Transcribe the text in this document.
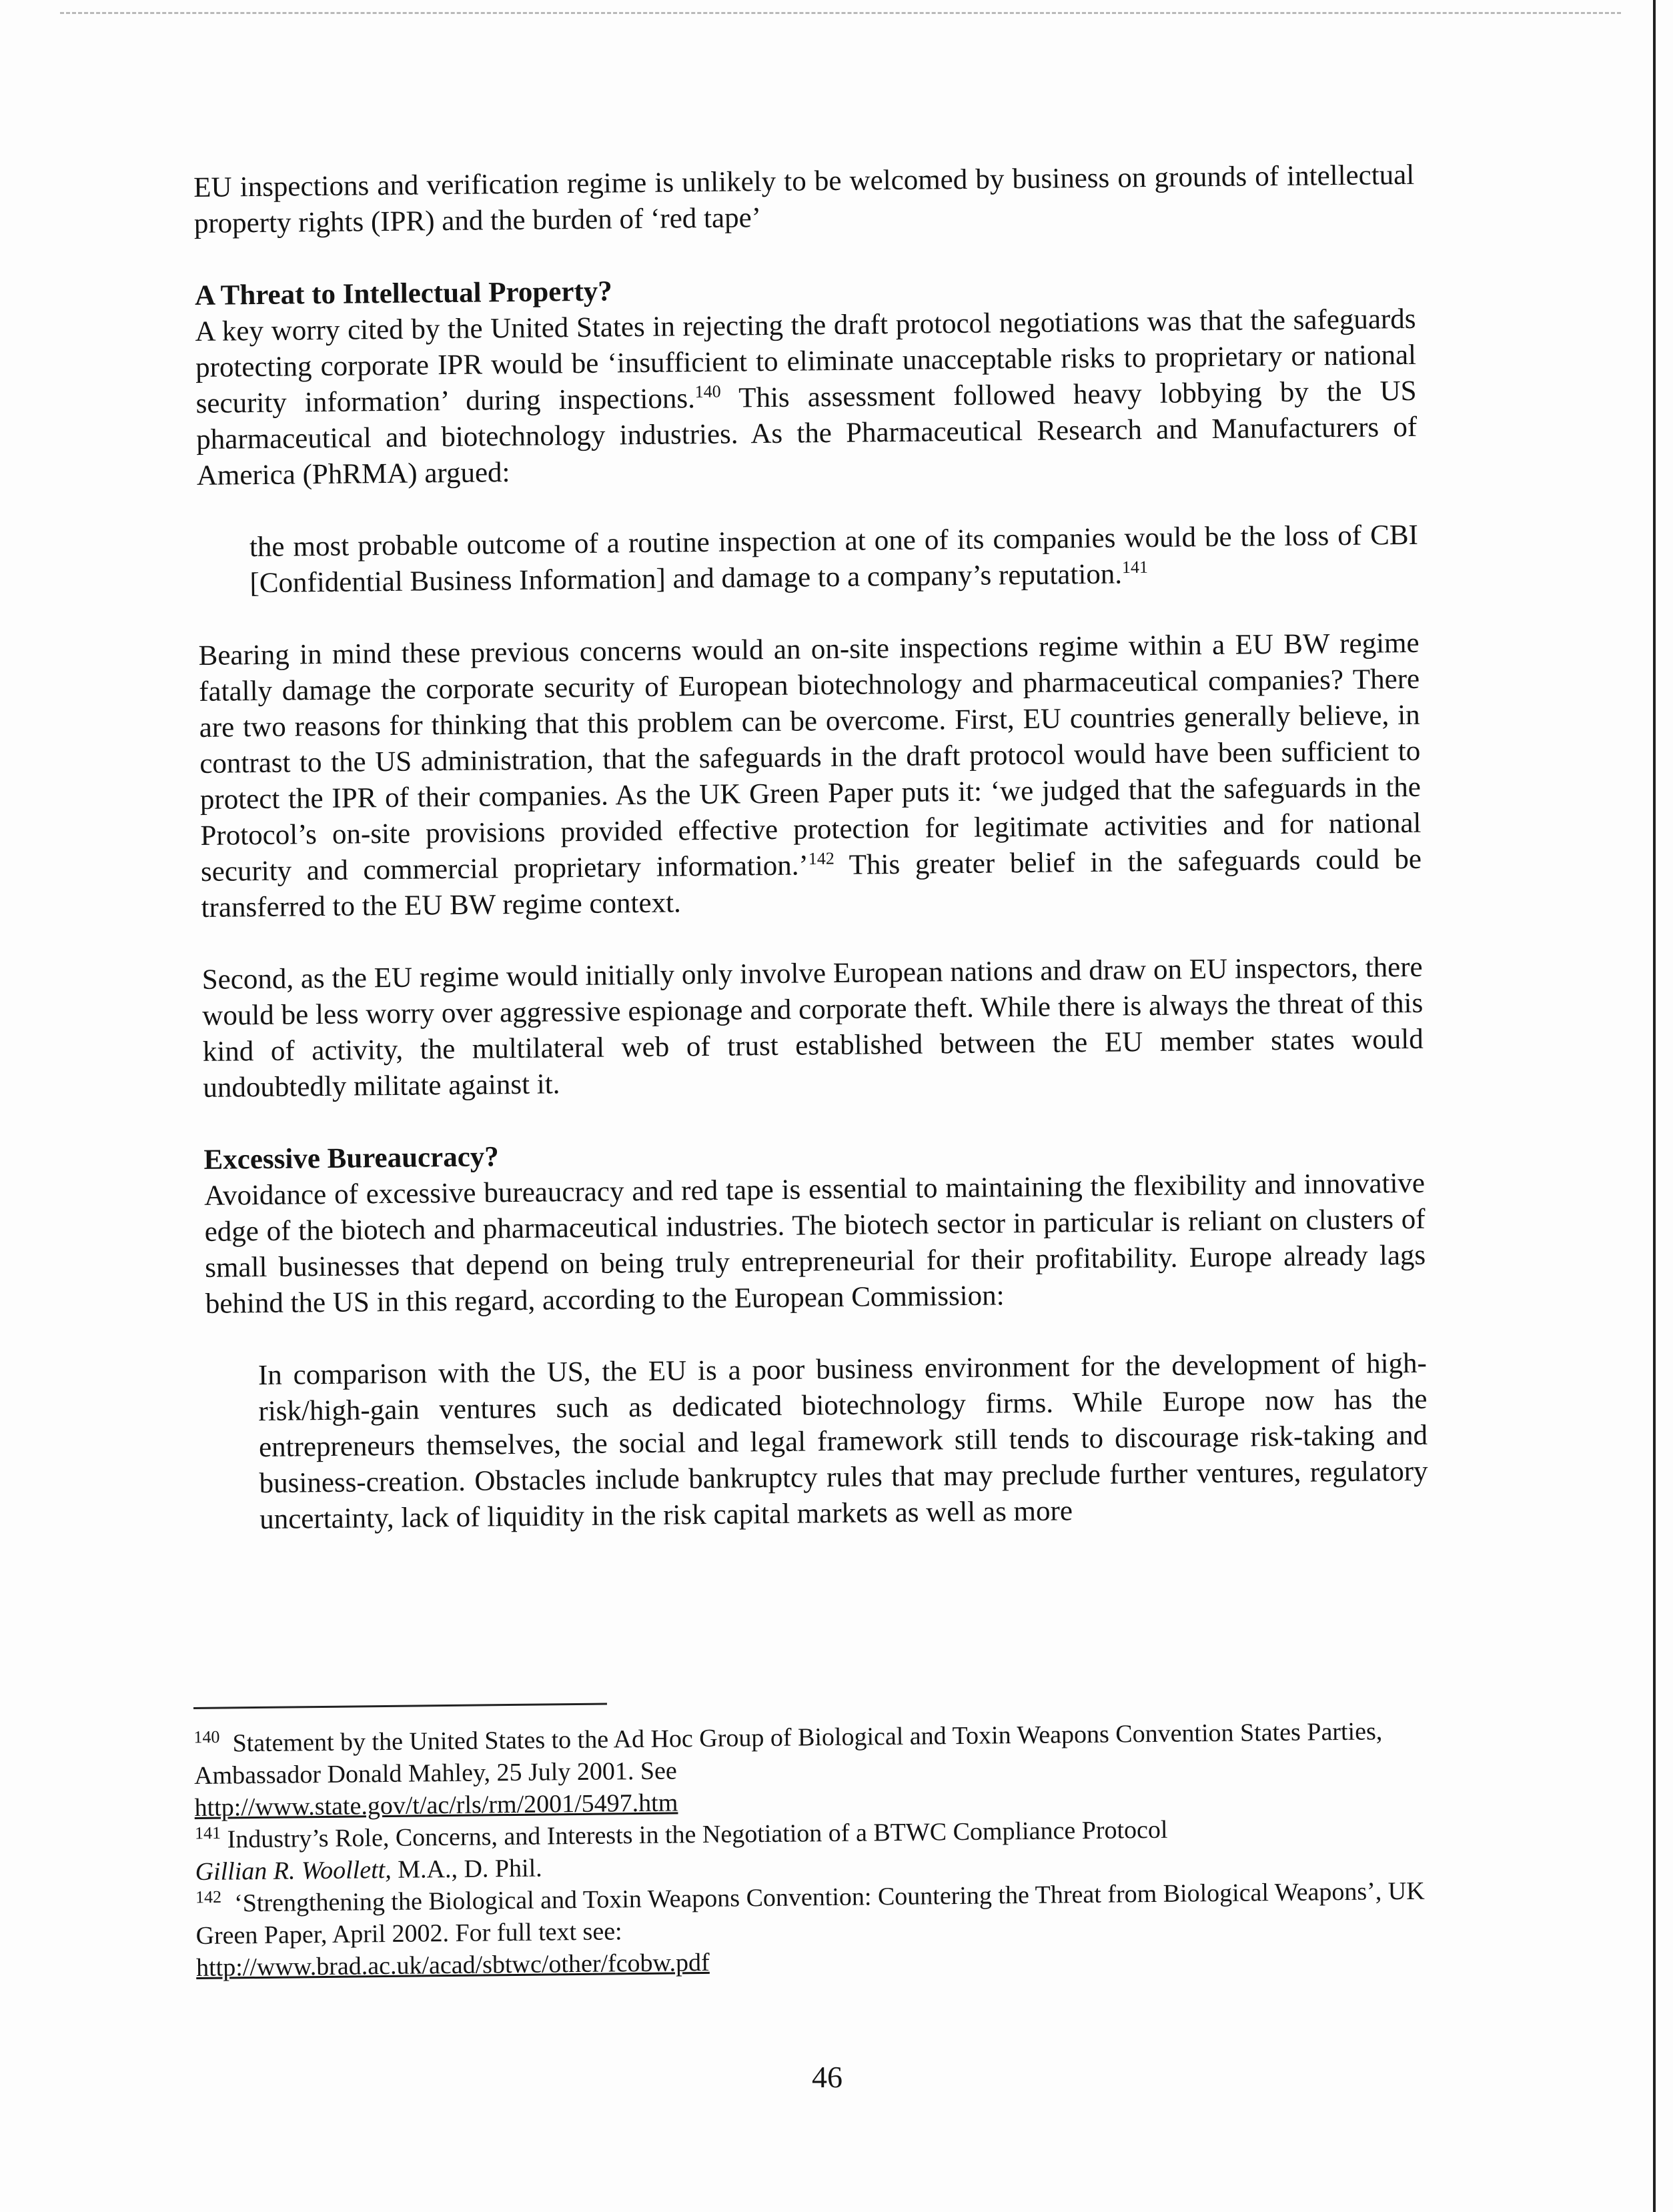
EU inspections and verification regime is unlikely to be welcomed by business on grounds of intellectual property rights (IPR) and the burden of ‘red tape’

A Threat to Intellectual Property?

A key worry cited by the United States in rejecting the draft protocol negotiations was that the safeguards protecting corporate IPR would be ‘insufficient to eliminate unacceptable risks to proprietary or national security information’ during inspections.$^{140}$ This assessment followed heavy lobbying by the US pharmaceutical and biotechnology industries. As the Pharmaceutical Research and Manufacturers of America (PhRMA) argued:

the most probable outcome of a routine inspection at one of its companies would be the loss of CBI [Confidential Business Information] and damage to a company’s reputation.$^{141}$

Bearing in mind these previous concerns would an on-site inspections regime within a EU BW regime fatally damage the corporate security of European biotechnology and pharmaceutical companies? There are two reasons for thinking that this problem can be overcome. First, EU countries generally believe, in contrast to the US administration, that the safeguards in the draft protocol would have been sufficient to protect the IPR of their companies. As the UK Green Paper puts it: ‘we judged that the safeguards in the Protocol’s on-site provisions provided effective protection for legitimate activities and for national security and commercial proprietary information.’$^{142}$ This greater belief in the safeguards could be transferred to the EU BW regime context.

Second, as the EU regime would initially only involve European nations and draw on EU inspectors, there would be less worry over aggressive espionage and corporate theft. While there is always the threat of this kind of activity, the multilateral web of trust established between the EU member states would undoubtedly militate against it.

Excessive Bureaucracy?

Avoidance of excessive bureaucracy and red tape is essential to maintaining the flexibility and innovative edge of the biotech and pharmaceutical industries. The biotech sector in particular is reliant on clusters of small businesses that depend on being truly entrepreneurial for their profitability. Europe already lags behind the US in this regard, according to the European Commission:

In comparison with the US, the EU is a poor business environment for the development of high-risk/high-gain ventures such as dedicated biotechnology firms. While Europe now has the entrepreneurs themselves, the social and legal framework still tends to discourage risk-taking and business-creation. Obstacles include bankruptcy rules that may preclude further ventures, regulatory uncertainty, lack of liquidity in the risk capital markets as well as more

$^{140}$ Statement by the United States to the Ad Hoc Group of Biological and Toxin Weapons Convention States Parties, Ambassador Donald Mahley, 25 July 2001. See

http://www.state.gov/t/ac/rls/rm/2001/5497.htm

$^{141}$ Industry’s Role, Concerns, and Interests in the Negotiation of a BTWC Compliance Protocol

Gillian R. Woollett, M.A., D. Phil.

$^{142}$ ‘Strengthening the Biological and Toxin Weapons Convention: Countering the Threat from Biological Weapons’, UK Green Paper, April 2002. For full text see:

http://www.brad.ac.uk/acad/sbtwc/other/fcobw.pdf

46
